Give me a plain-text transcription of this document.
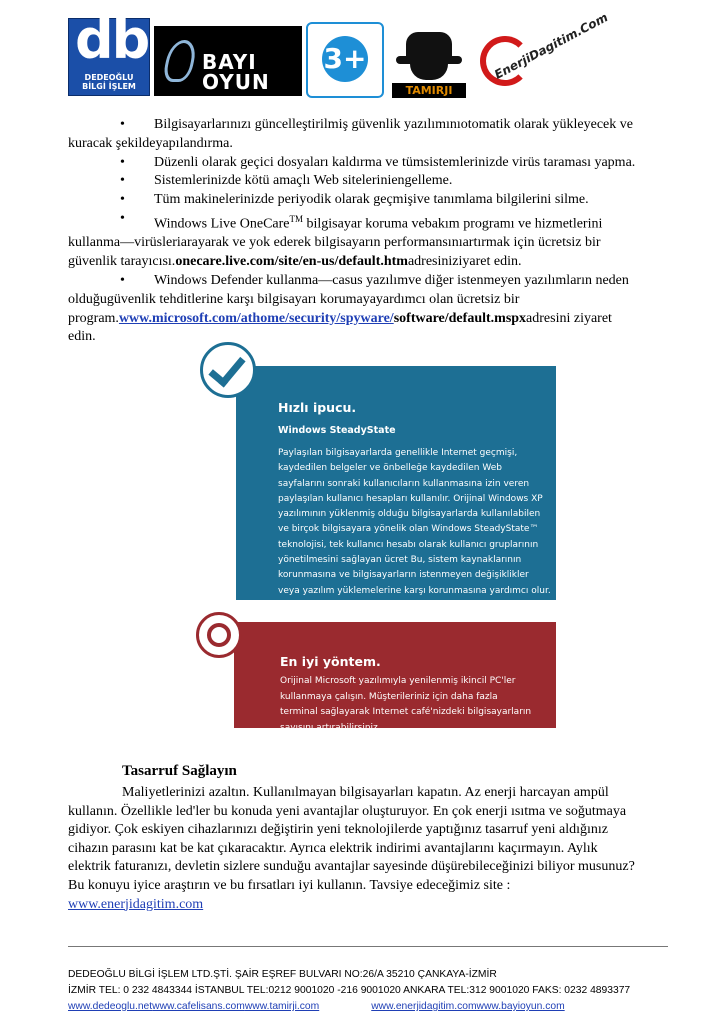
db
DEDEOĞLU
BİLGİ İŞLEM
BAYI OYUN
3+
TAMIRJI
EnerjiDagitim.Com
• Bilgisayarlarınızı güncelleştirilmiş güvenlik yazılımınıotomatik olarak yükleyecek ve
kuracak şekildeyapılandırma.
• Düzenli olarak geçici dosyaları kaldırma ve tümsistemlerinizde virüs taraması yapma.
• Sistemlerinizde kötü amaçlı Web siteleriniengelleme.
• Tüm makinelerinizde periyodik olarak geçmişive tanımlama bilgilerini silme.
• Windows Live OneCare™ bilgisayar koruma vebakım programı ve hizmetlerini
kullanma—virüsleriarayarak ve yok ederek bilgisayarın performansınıartırmak için ücretsiz bir
güvenlik tarayıcısı.onecare.live.com/site/en-us/default.htmadresiniziyaret edin.
• Windows Defender kullanma—casus yazılımve diğer istenmeyen yazılımların neden
olduğugüvenlik tehditlerine karşı bilgisayarı korumayayardımcı olan ücretsiz bir
program.www.microsoft.com/athome/security/spyware/software/default.mspxadresini ziyaret
edin.
Hızlı ipucu.
Windows SteadyState
Paylaşılan bilgisayarlarda genellikle Internet geçmişi,
kaydedilen belgeler ve önbelleğe kaydedilen Web
sayfalarını sonraki kullanıcıların kullanmasına izin veren
paylaşılan kullanıcı hesapları kullanılır. Orijinal Windows XP
yazılımının yüklenmiş olduğu bilgisayarlarda kullanılabilen
ve birçok bilgisayara yönelik olan Windows SteadyState™
teknolojisi, tek kullanıcı hesabı olarak kullanıcı gruplarının
yönetilmesini sağlayan ücret Bu, sistem kaynaklarının
korunmasına ve bilgisayarların istenmeyen değişiklikler
veya yazılım yüklemelerine karşı korunmasına yardımcı olur.
En iyi yöntem.
Orijinal Microsoft yazılımıyla yenilenmiş ikincil PC'ler
kullanmaya çalışın. Müşterileriniz için daha fazla
terminal sağlayarak Internet café'nizdeki bilgisayarların
sayısını artırabilirsiniz.
Tasarruf Sağlayın
Maliyetlerinizi azaltın. Kullanılmayan bilgisayarları kapatın. Az enerji harcayan ampül
kullanın. Özellikle led'ler bu konuda yeni avantajlar oluşturuyor. En çok enerji ısıtma ve soğutmaya
gidiyor. Çok eskiyen cihazlarınızı değiştirin yeni teknolojilerde yaptığınız tasarruf yeni aldığınız
cihazın parasını kat be kat çıkaracaktır. Ayrıca elektrik indirimi avantajlarını kaçırmayın. Aylık
elektrik faturanızı, devletin sizlere sunduğu avantajlar sayesinde düşürebileceğinizi biliyor musunuz?
Bu konuyu iyice araştırın ve bu fırsatları iyi kullanın. Tavsiye edeceğimiz site :
www.enerjidagitim.com
DEDEOĞLU BİLGİ İŞLEM LTD.ŞTİ. ŞAİR EŞREF BULVARI NO:26/A 35210 ÇANKAYA-İZMİR
İZMİR TEL: 0 232 4843344 İSTANBUL TEL:0212 9001020 -216 9001020 ANKARA TEL:312 9001020 FAKS: 0232 4893377
www.dedeoglu.netwww.cafelisans.comwww.tamirji.com	www.enerjidagitim.comwww.bayioyun.com
